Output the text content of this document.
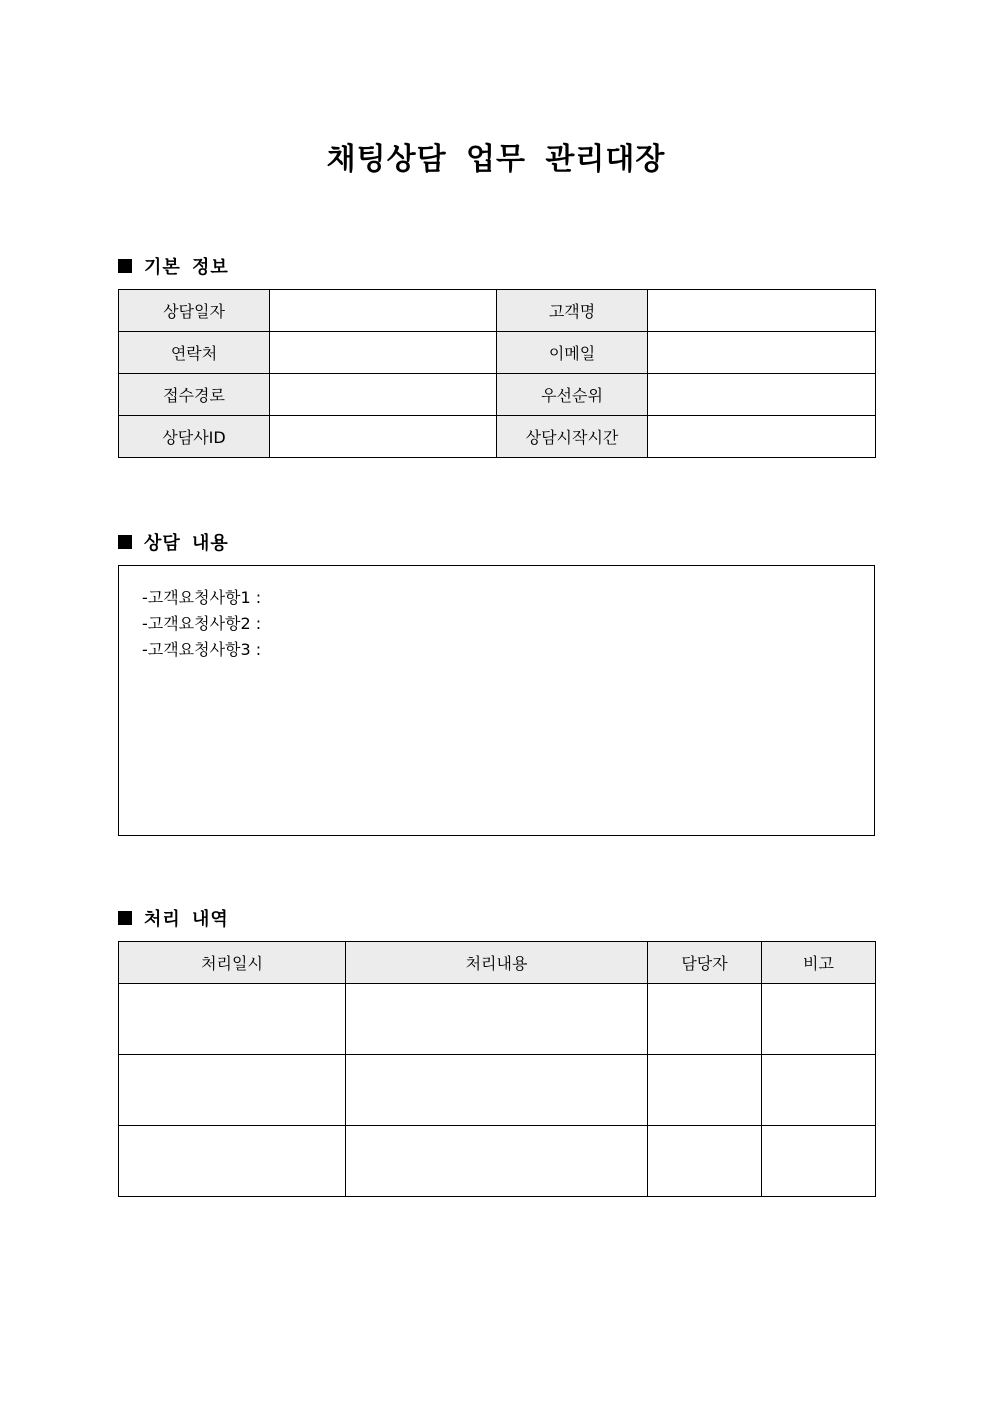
채팅상담 업무 관리대장
기본 정보
상담일자		고객명	
연락처		이메일	
접수경로		우선순위	
상담사ID		상담시작시간	
상담 내용
-고객요청사항1 :
-고객요청사항2 :
-고객요청사항3 :
처리 내역
처리일시	처리내용	담당자	비고
